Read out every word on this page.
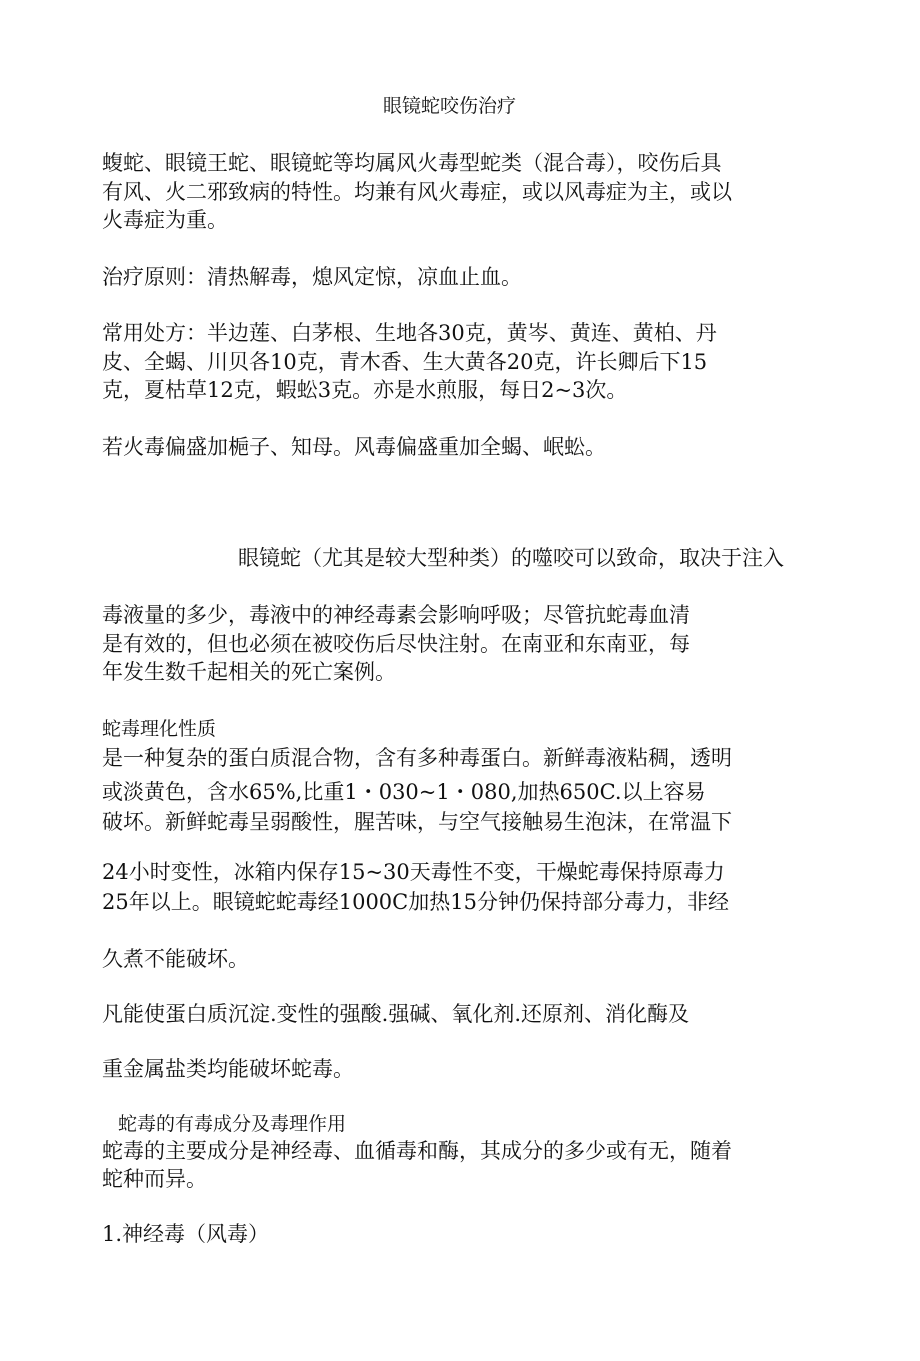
眼镜蛇咬伤治疗
蝮蛇、眼镜王蛇、眼镜蛇等均属风火毒型蛇类（混合毒），咬伤后具
有风、火二邪致病的特性。均兼有风火毒症，或以风毒症为主，或以
火毒症为重。
治疗原则：清热解毒，熄风定惊，凉血止血。
常用处方：半边莲、白茅根、生地各30克，黄岑、黄连、黄柏、丹
皮、全蝎、川贝各10克，青木香、生大黄各20克，许长卿后下15
克，夏枯草12克，蝦蚣3克。亦是水煎服，每日2~3次。
若火毒偏盛加梔子、知母。风毒偏盛重加全蝎、岷蚣。
眼镜蛇（尤其是较大型种类）的噬咬可以致命，取决于注入
毒液量的多少，毒液中的神经毒素会影响呼吸；尽管抗蛇毒血清
是有效的，但也必须在被咬伤后尽快注射。在南亚和东南亚，每
年发生数千起相关的死亡案例。
蛇毒理化性质
是一种复杂的蛋白质混合物，含有多种毒蛋白。新鲜毒液粘稠，透明
或淡黄色，含水65%,比重1・030~1・080,加热650C.以上容易
破坏。新鲜蛇毒呈弱酸性，腥苦味，与空气接触易生泡沫，在常温下
24小时变性，冰箱内保存15~30天毒性不变，干燥蛇毒保持原毒力
25年以上。眼镜蛇蛇毒经1000C加热15分钟仍保持部分毒力，非经
久煮不能破坏。
凡能使蛋白质沉淀.变性的强酸.强碱、氧化剂.还原剂、消化酶及
重金属盐类均能破坏蛇毒。
蛇毒的有毒成分及毒理作用
蛇毒的主要成分是神经毒、血循毒和酶，其成分的多少或有无，随着
蛇种而异。
1.神经毒（风毒）
